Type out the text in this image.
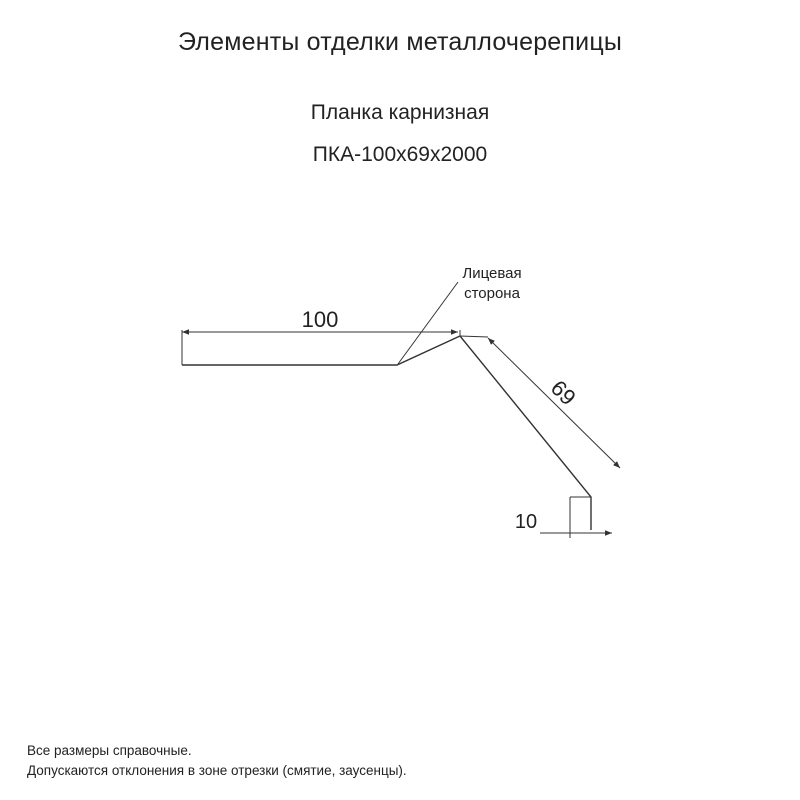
Элементы отделки металлочерепицы
Планка карнизная
ПКА-100х69х2000
100
69
10
Лицевая
сторона
Все размеры справочные.
Допускаются отклонения в зоне отрезки (смятие, заусенцы).
